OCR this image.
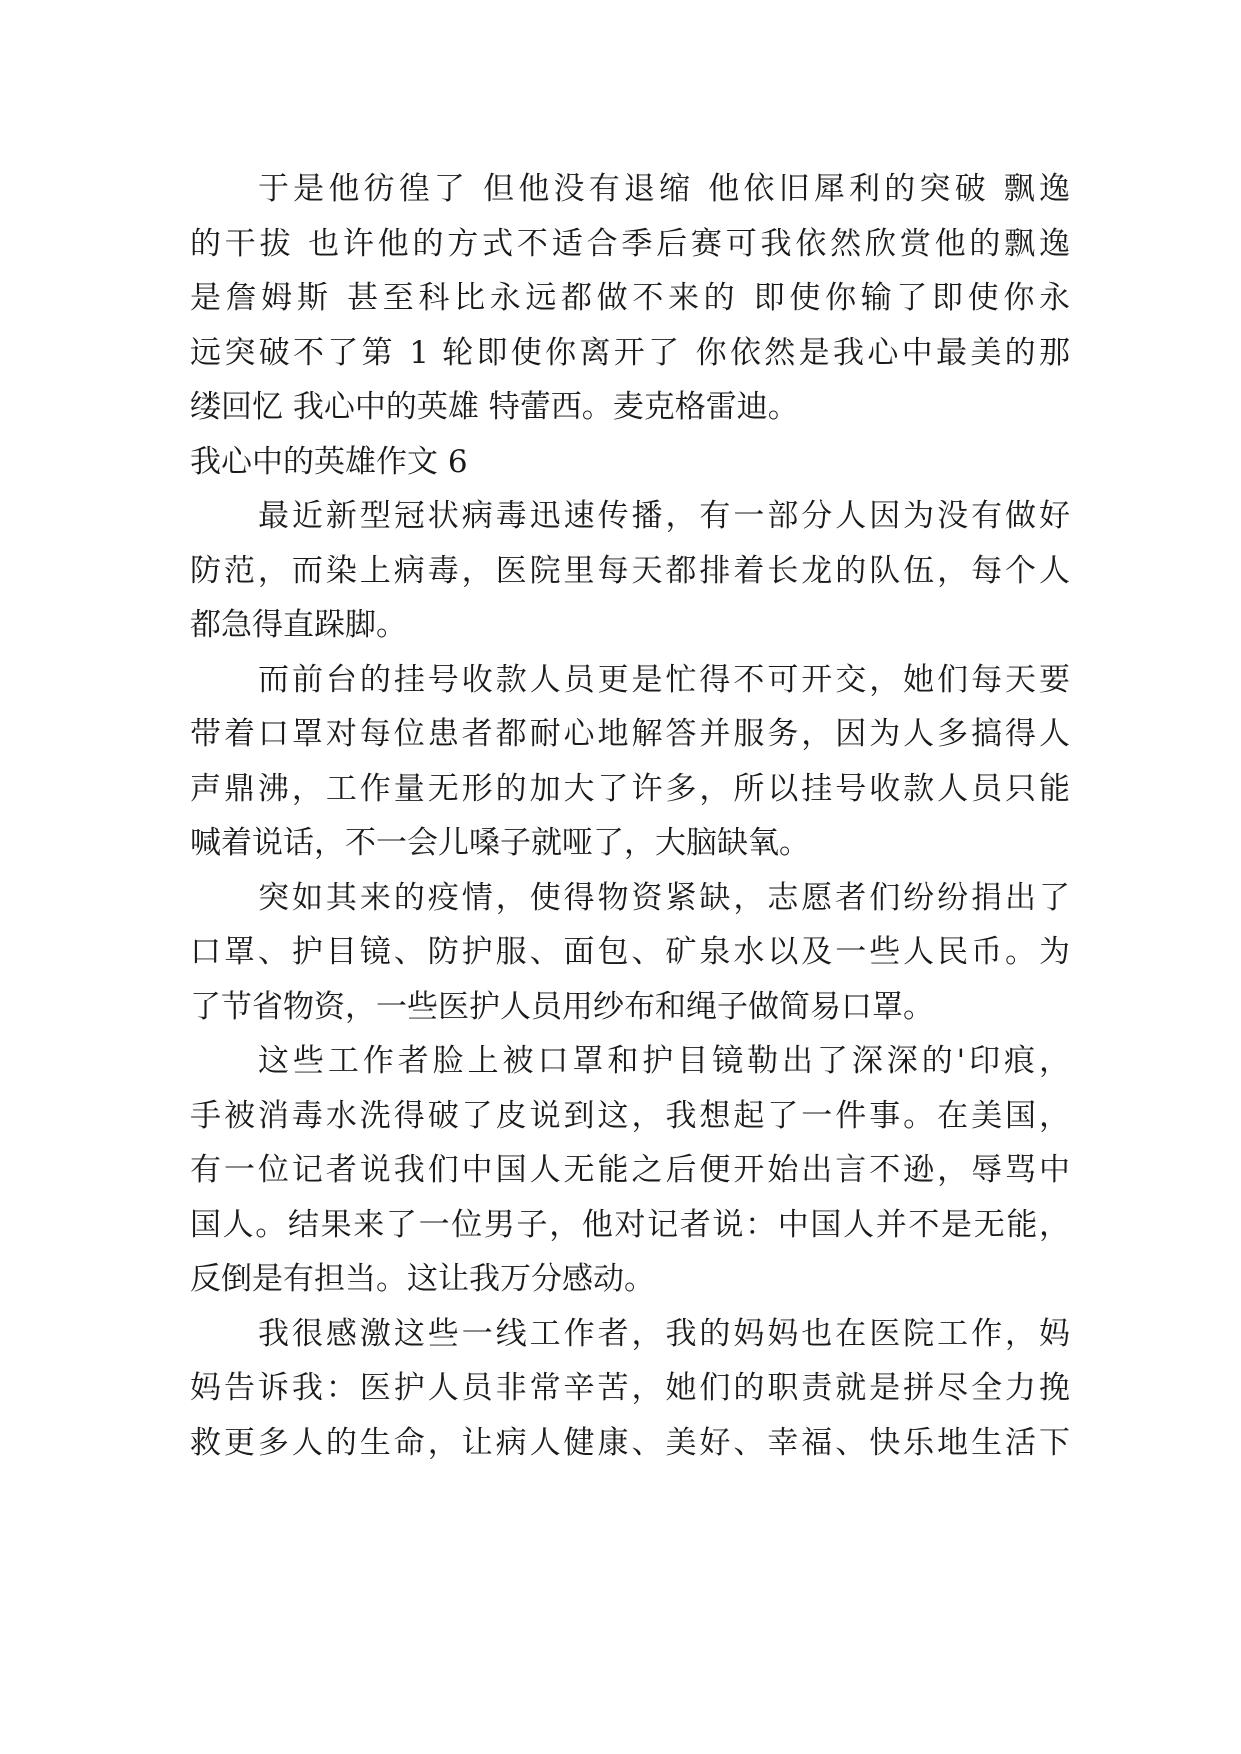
于是他彷徨了 但他没有退缩 他依旧犀利的突破 飘逸
的干拔 也许他的方式不适合季后赛可我依然欣赏他的飘逸
是詹姆斯 甚至科比永远都做不来的 即使你输了即使你永
远突破不了第 1 轮即使你离开了 你依然是我心中最美的那
缕回忆 我心中的英雄 特蕾西。麦克格雷迪。
我心中的英雄作文 6
最近新型冠状病毒迅速传播，有一部分人因为没有做好
防范，而染上病毒，医院里每天都排着长龙的队伍，每个人
都急得直跺脚。
而前台的挂号收款人员更是忙得不可开交，她们每天要
带着口罩对每位患者都耐心地解答并服务，因为人多搞得人
声鼎沸，工作量无形的加大了许多，所以挂号收款人员只能
喊着说话，不一会儿嗓子就哑了，大脑缺氧。
突如其来的疫情，使得物资紧缺，志愿者们纷纷捐出了
口罩、护目镜、防护服、面包、矿泉水以及一些人民币。为
了节省物资，一些医护人员用纱布和绳子做简易口罩。
这些工作者脸上被口罩和护目镜勒出了深深的'印痕，
手被消毒水洗得破了皮说到这，我想起了一件事。在美国，
有一位记者说我们中国人无能之后便开始出言不逊，辱骂中
国人。结果来了一位男子，他对记者说：中国人并不是无能，
反倒是有担当。这让我万分感动。
我很感激这些一线工作者，我的妈妈也在医院工作，妈
妈告诉我：医护人员非常辛苦，她们的职责就是拼尽全力挽
救更多人的生命，让病人健康、美好、幸福、快乐地生活下
